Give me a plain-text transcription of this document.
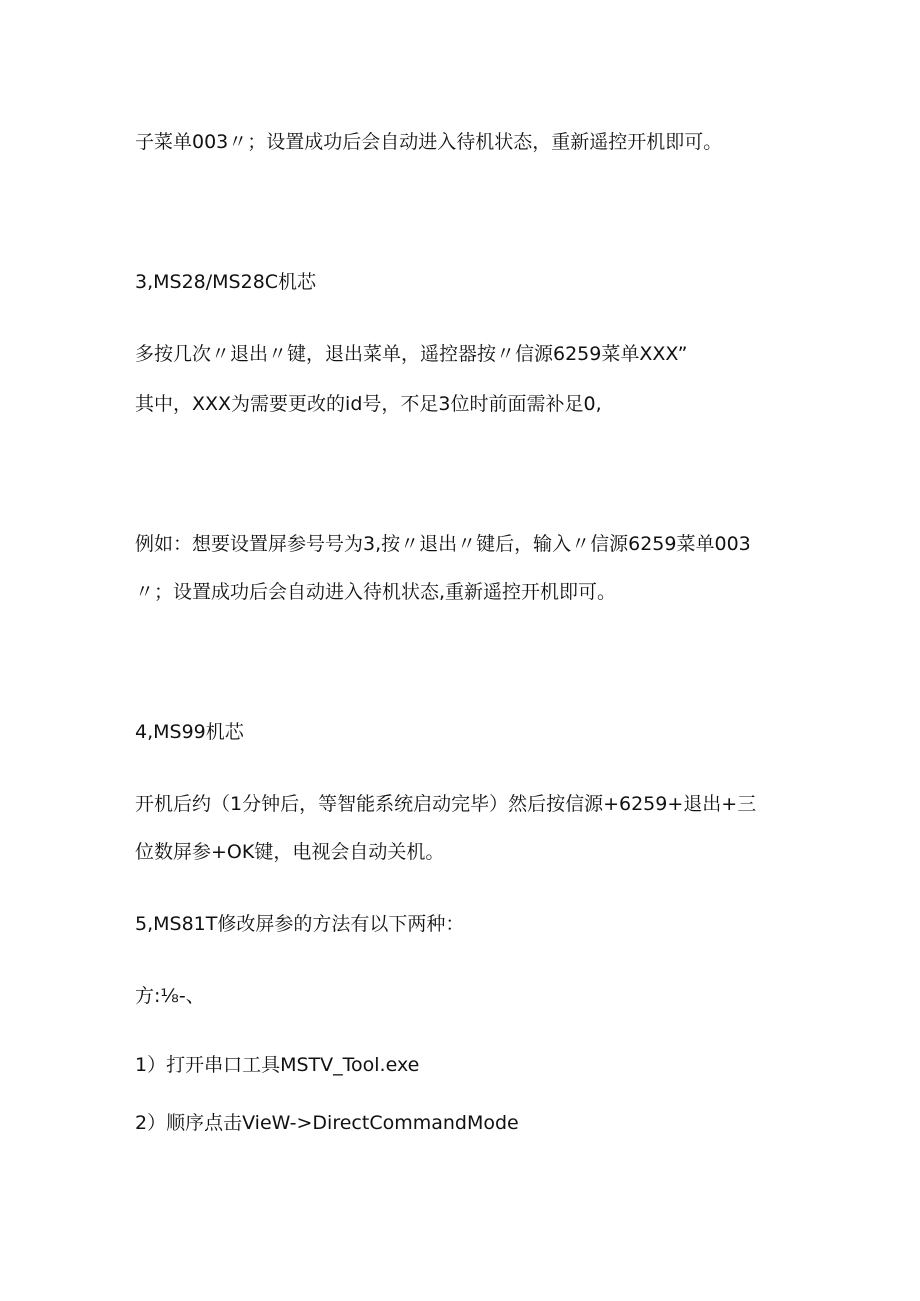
子菜单003〃；设置成功后会自动进入待机状态，重新遥控开机即可。
3,MS28/MS28C机芯
多按几次〃退出〃键，退出菜单，遥控器按〃信源6259菜单XXX”
其中，XXX为需要更改的id号，不足3位时前面需补足0,
例如：想要设置屏参号号为3,按〃退出〃键后，输入〃信源6259菜单003
〃；设置成功后会自动进入待机状态,重新遥控开机即可。
4,MS99机芯
开机后约（1分钟后，等智能系统启动完毕）然后按信源+6259+退出+三
位数屏参+OK键，电视会自动关机。
5,MS81T修改屏参的方法有以下两种：
方:⅛-、
1）打开串口工具MSTV_Tool.exe
2）顺序点击VieW->DirectCommandMode
